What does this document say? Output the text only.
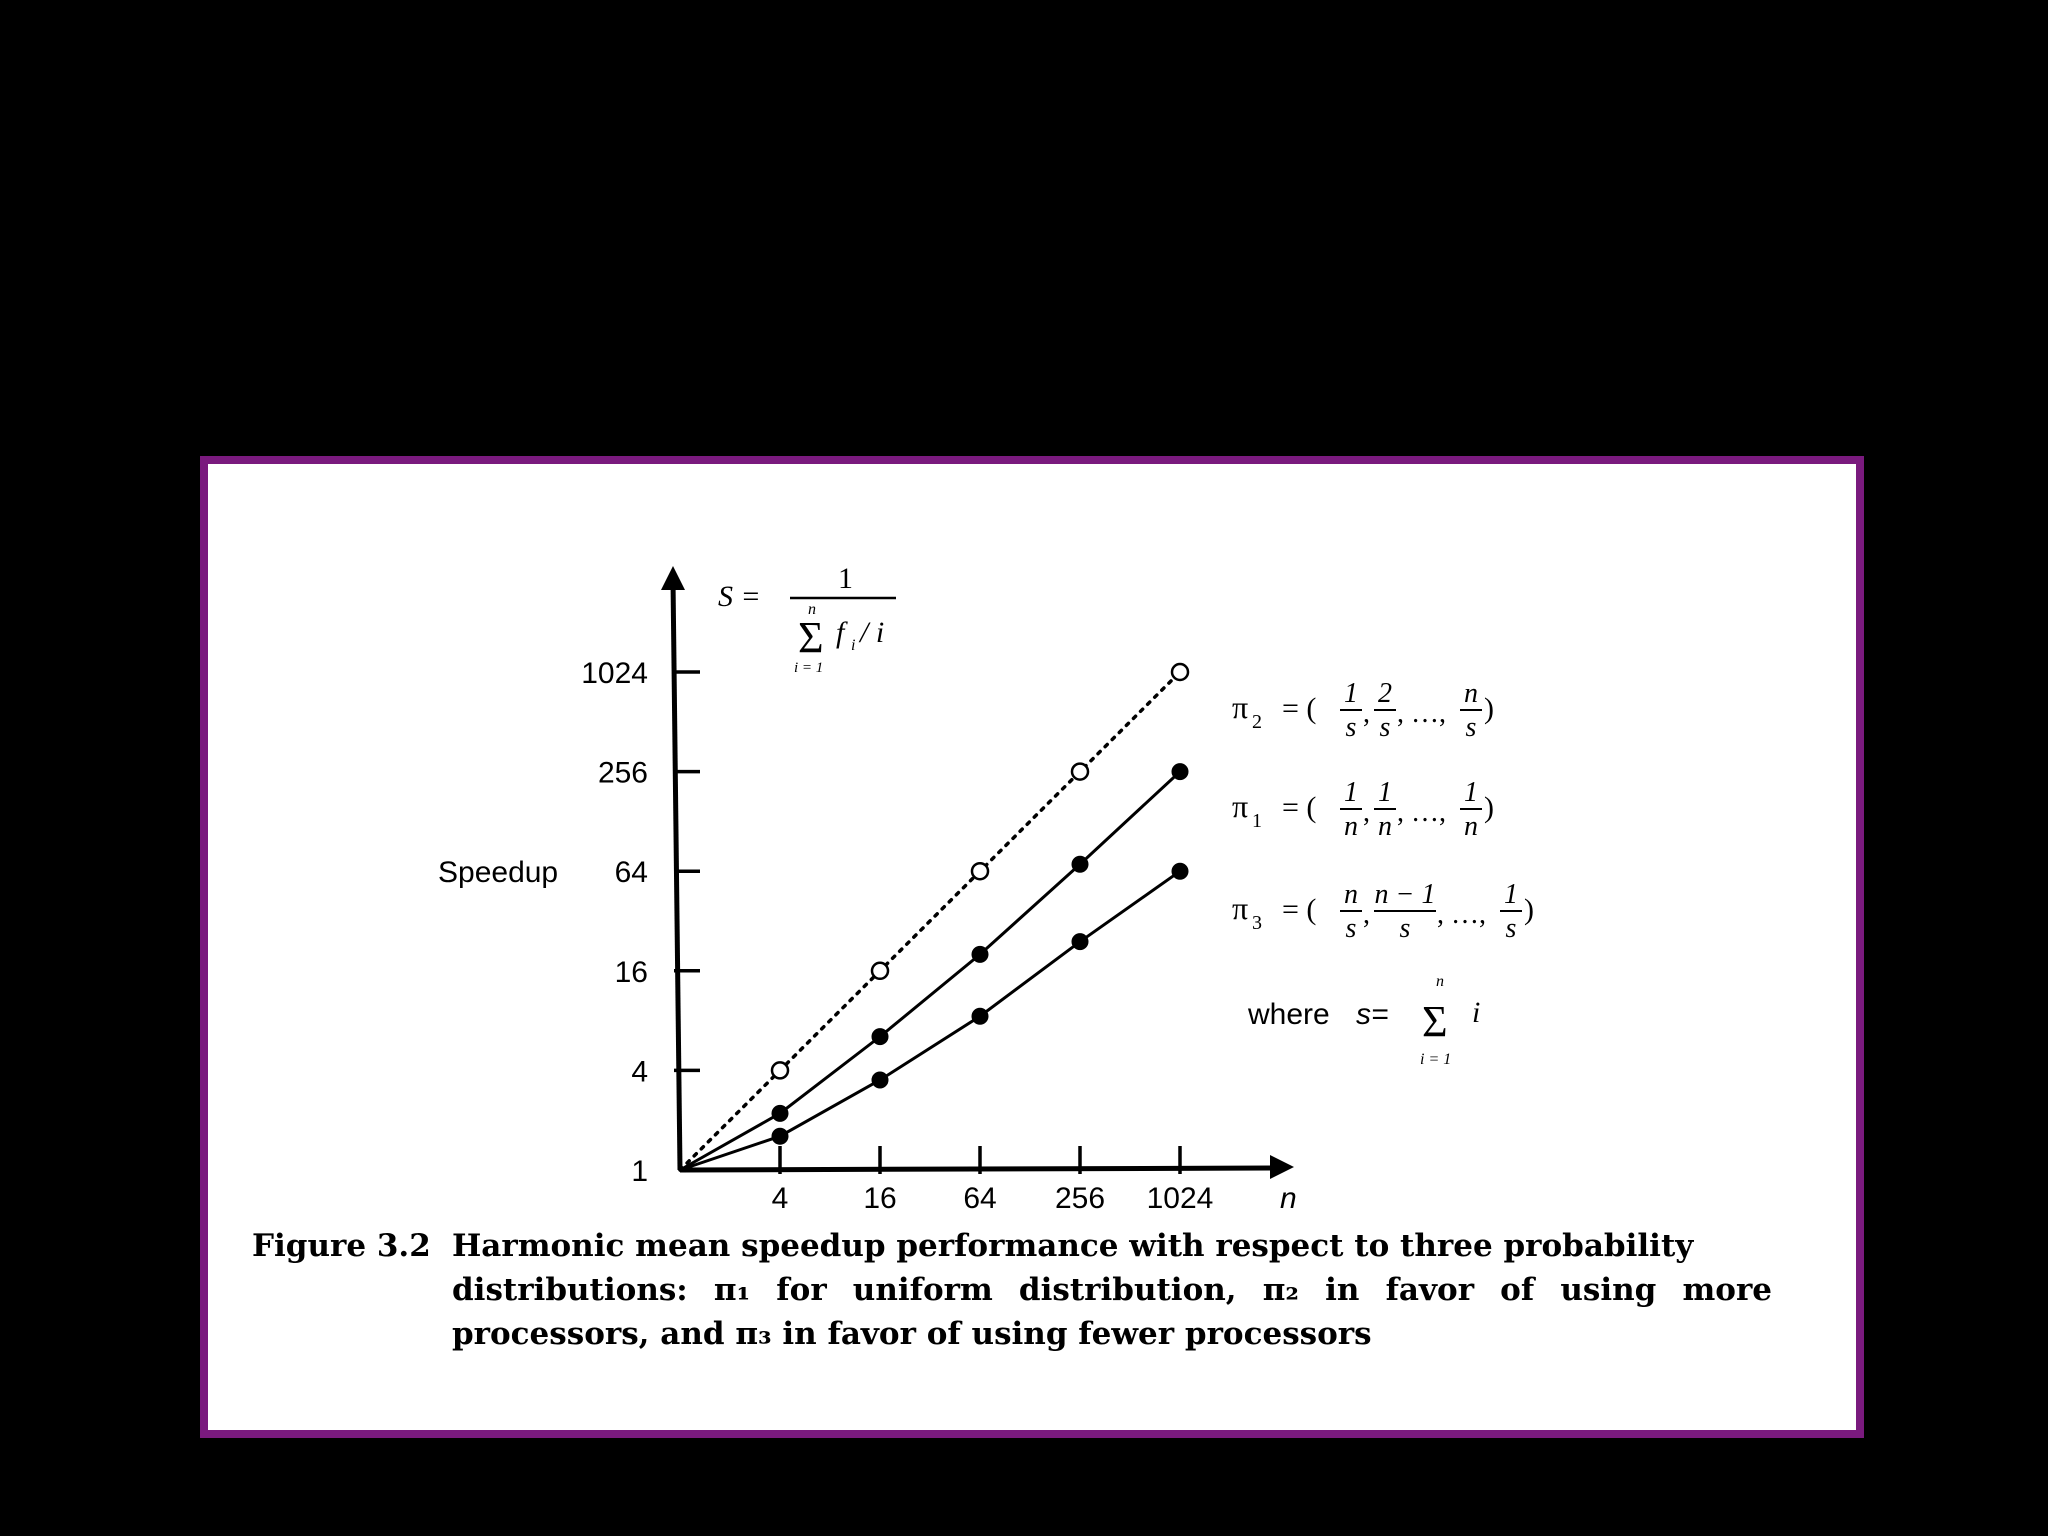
1
4
16
64
256
1024
4 16 64 256 1024
Speedup
n
S =
1
n
Σ
i = 1
f i / i
π 2 = ( 1
s ,
2
s , …,
n
s
)
π 1 = ( 1
n ,
1
n , …,
1
n
)
π 3 = ( n
s ,
n − 1
s , …,
1
s
)
where s=
n
Σ
i = 1
i
Figure 3.2 Harmonic mean speedup performance with respect to three probability
distributions: π₁ for uniform distribution, π₂ in favor of using more
processors, and π₃ in favor of using fewer processors
